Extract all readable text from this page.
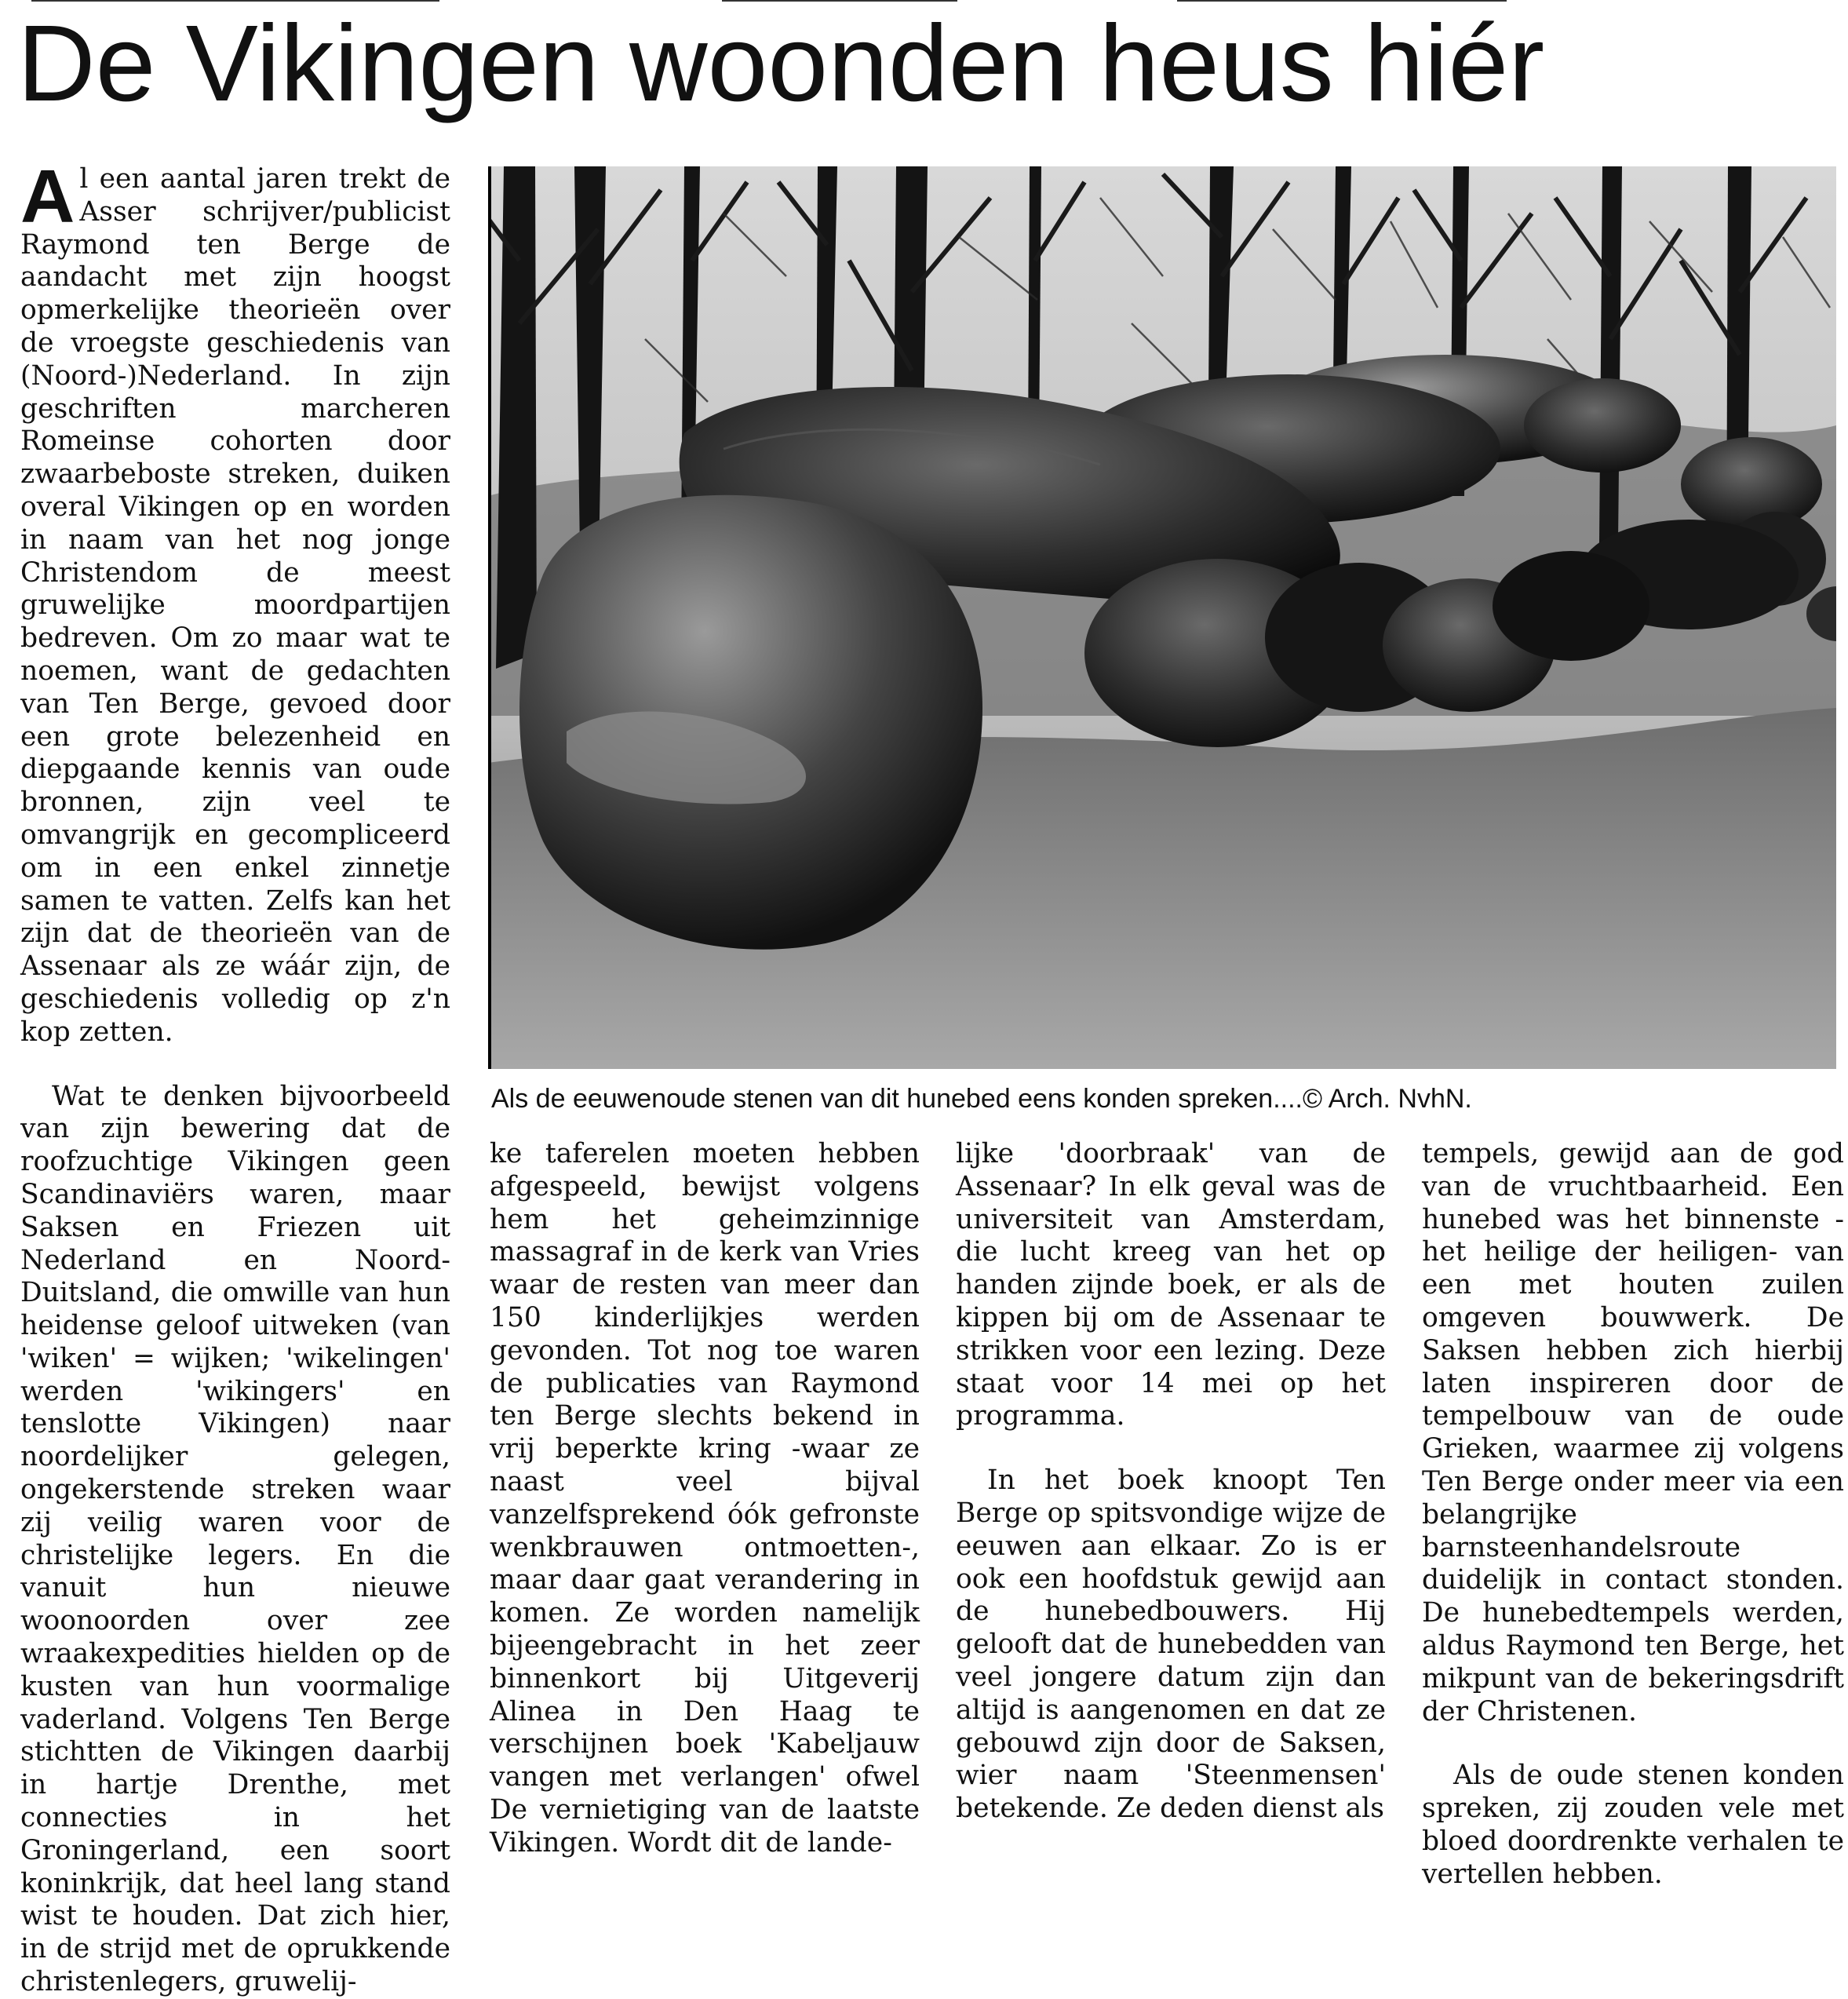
De Vikingen woonden heus hiér

Al een aantal jaren trekt de Asser schrijver/publicist Raymond ten Berge de aandacht met zijn hoogst opmerkelijke theorieën over de vroegste geschiedenis van (Noord-)Nederland. In zijn geschriften marcheren Romeinse cohorten door zwaarbeboste streken, duiken overal Vikingen op en worden in naam van het nog jonge Christendom de meest gruwelijke moordpartijen bedreven. Om zo maar wat te noemen, want de gedachten van Ten Berge, gevoed door een grote belezenheid en diepgaande kennis van oude bronnen, zijn veel te omvangrijk en gecompliceerd om in een enkel zinnetje samen te vatten. Zelfs kan het zijn dat de theorieën van de Assenaar als ze wáár zijn, de geschiedenis volledig op z'n kop zetten.

Wat te denken bijvoorbeeld van zijn bewering dat de roofzuchtige Vikingen geen Scandinaviërs waren, maar Saksen en Friezen uit Nederland en Noord-Duitsland, die omwille van hun heidense geloof uitweken (van 'wiken' = wijken; 'wikelingen' werden 'wikingers' en tenslotte Vikingen) naar noordelijker gelegen, ongekerstende streken waar zij veilig waren voor de christelijke legers. En die vanuit hun nieuwe woonoorden over zee wraakexpedities hielden op de kusten van hun voormalige vaderland. Volgens Ten Berge stichtten de Vikingen daarbij in hartje Drenthe, met connecties in het Groningerland, een soort koninkrijk, dat heel lang stand wist te houden. Dat zich hier, in de strijd met de oprukkende christenlegers, gruwelij-

Als de eeuwenoude stenen van dit hunebed eens konden spreken....© Arch. NvhN.

ke taferelen moeten hebben afgespeeld, bewijst volgens hem het geheimzinnige massagraf in de kerk van Vries waar de resten van meer dan 150 kinderlijkjes werden gevonden. Tot nog toe waren de publicaties van Raymond ten Berge slechts bekend in vrij beperkte kring -waar ze naast veel bijval vanzelfsprekend óók gefronste wenkbrauwen ontmoetten-, maar daar gaat verandering in komen. Ze worden namelijk bijeengebracht in het zeer binnenkort bij Uitgeverij Alinea in Den Haag te verschijnen boek 'Kabeljauw vangen met verlangen' ofwel De vernietiging van de laatste Vikingen. Wordt dit de lande-

lijke 'doorbraak' van de Assenaar? In elk geval was de universiteit van Amsterdam, die lucht kreeg van het op handen zijnde boek, er als de kippen bij om de Assenaar te strikken voor een lezing. Deze staat voor 14 mei op het programma.

In het boek knoopt Ten Berge op spitsvondige wijze de eeuwen aan elkaar. Zo is er ook een hoofdstuk gewijd aan de hunebedbouwers. Hij gelooft dat de hunebedden van veel jongere datum zijn dan altijd is aangenomen en dat ze gebouwd zijn door de Saksen, wier naam 'Steenmensen' betekende. Ze deden dienst als

tempels, gewijd aan de god van de vruchtbaarheid. Een hunebed was het binnenste - het heilige der heiligen- van een met houten zuilen omgeven bouwwerk. De Saksen hebben zich hierbij laten inspireren door de tempelbouw van de oude Grieken, waarmee zij volgens Ten Berge onder meer via een belangrijke barnsteenhandelsroute duidelijk in contact stonden. De hunebedtempels werden, aldus Raymond ten Berge, het mikpunt van de bekeringsdrift der Christenen.

Als de oude stenen konden spreken, zij zouden vele met bloed doordrenkte verhalen te vertellen hebben.
